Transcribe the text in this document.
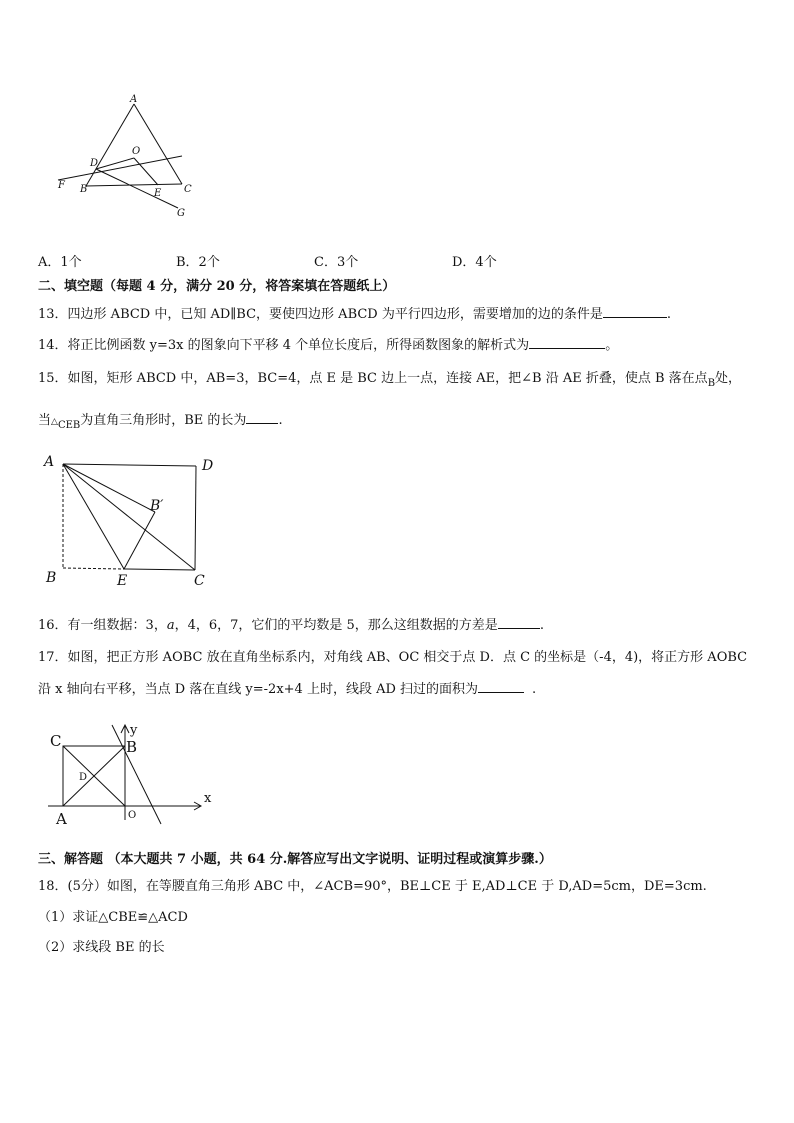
A
O
D
F B	E C
G
A．1个	B．2个	C．3个	D．4个
二、填空题（每题 4 分，满分 20 分，将答案填在答题纸上）
13．四边形 ABCD 中，已知 AD∥BC，要使四边形 ABCD 为平行四边形，需要增加的边的条件是	.
14．将正比例函数 y=3x 的图象向下平移 4 个单位长度后，所得函数图象的解析式为	。
15．如图，矩形 ABCD 中，AB=3，BC=4，点 E 是 BC 边上一点，连接 AE，把∠B 沿 AE 折叠，使点 B 落在点$_B$处，
当$\triangle_{CEB}$为直角三角形时，BE 的长为 .
A	D
B′
B	E	C
16．有一组数据：3，a，4，6，7，它们的平均数是 5，那么这组数据的方差是	.
17．如图，把正方形 AOBC 放在直角坐标系内，对角线 AB、OC 相交于点 D．点 C 的坐标是（-4，4)，将正方形 AOBC
沿 x 轴向右平移，当点 D 落在直线 y=-2x+4 上时，线段 AD 扫过的面积为	.
C
y
B
D
x
A	O
三、解答题 （本大题共 7 小题，共 64 分.解答应写出文字说明、证明过程或演算步骤.）
18．(5分）如图，在等腰直角三角形 ABC 中，∠ACB=90°，BE⊥CE 于 E,AD⊥CE 于 D,AD=5cm，DE=3cm.
（1）求证△CBE≌△ACD
（2）求线段 BE 的长
